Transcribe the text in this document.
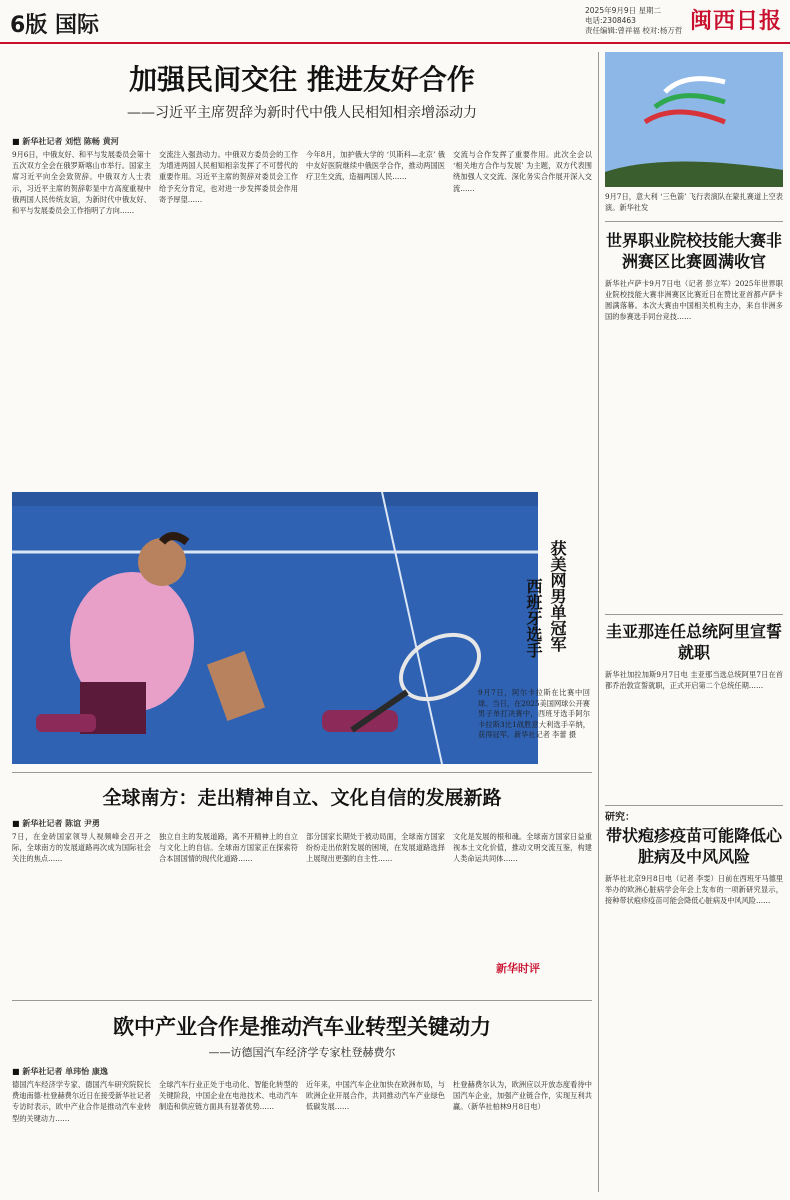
6版 国际
2025年9月9日 星期二
电话:2308463
责任编辑:曾祥福 校对:杨万哲 闽西日报
加强民间交往 推进友好合作
——习近平主席贺辞为新时代中俄人民相知相亲增添动力
■ 新华社记者 刘恺 陈畅 黄河
9月6日，中俄友好、和平与发展委员会第十五次双方全会在俄罗斯喀山市举行。国家主席习近平向全会致贺辞。中俄双方人士表示，习近平主席的贺辞彰显中方高度重视中俄两国人民传统友谊，为新时代中俄友好、和平与发展委员会工作指明了方向……
交流注入强劲动力。中俄双方委员会的工作为增进两国人民相知相亲发挥了不可替代的重要作用。习近平主席的贺辞对委员会工作给予充分肯定，也对进一步发挥委员会作用寄予厚望……
今年8月，加护俄大学的 ‘贝斯科—北京’ 俄中友好医院继续中俄医学合作，推动两国医疗卫生交流，造福两国人民……
交流与合作发挥了重要作用。此次全会以 ‘相关地方合作与发展’ 为主题，双方代表围绕加强人文交流、深化务实合作展开深入交流……
获美网男单冠军
西班牙选手
9月7日，阿尔卡拉斯在比赛中回球。当日，在2025美国网球公开赛男子单打决赛中，西班牙选手阿尔卡拉斯3比1战胜意大利选手辛纳，获得冠军。新华社记者 李蕾 摄
全球南方：走出精神自立、文化自信的发展新路
■ 新华社记者 陈谊 尹勇
7日，在金砖国家领导人视频峰会召开之际，全球南方的发展道路再次成为国际社会关注的焦点……
独立自主的发展道路，离不开精神上的自立与文化上的自信。全球南方国家正在探索符合本国国情的现代化道路……
部分国家长期处于被动局面，全球南方国家纷纷走出依附发展的困境，在发展道路选择上展现出更强的自主性……
文化是发展的根和魂。全球南方国家日益重视本土文化价值，推动文明交流互鉴，构建人类命运共同体……
新华时评
欧中产业合作是推动汽车业转型关键动力
——访德国汽车经济学专家杜登赫费尔
■ 新华社记者 单玮怡 康逸
德国汽车经济学专家、德国汽车研究院院长费迪南德·杜登赫费尔近日在接受新华社记者专访时表示，欧中产业合作是推动汽车业转型的关键动力……
全球汽车行业正处于电动化、智能化转型的关键阶段，中国企业在电池技术、电动汽车制造和供应链方面具有显著优势……
近年来，中国汽车企业加快在欧洲布局，与欧洲企业开展合作，共同推动汽车产业绿色低碳发展……
杜登赫费尔认为，欧洲应以开放态度看待中国汽车企业，加强产业链合作，实现互利共赢。（新华社柏林9月8日电）
9月7日，意大利 ‘三色箭’ 飞行表演队在蒙扎赛道上空表演。新华社发
世界职业院校技能大赛非洲赛区比赛圆满收官
新华社卢萨卡9月7日电（记者 彭立军）2025年世界职业院校技能大赛非洲赛区比赛近日在赞比亚首都卢萨卡圆满落幕。本次大赛由中国相关机构主办，来自非洲多国的参赛选手同台竞技……
圭亚那连任总统阿里宣誓就职
新华社加拉加斯9月7日电 圭亚那当选总统阿里7日在首都乔治敦宣誓就职，正式开启第二个总统任期……
研究：
带状疱疹疫苗可能降低心脏病及中风风险
新华社北京9月8日电（记者 李雯）日前在西班牙马德里举办的欧洲心脏病学会年会上发布的一项新研究显示，接种带状疱疹疫苗可能会降低心脏病及中风风险……
